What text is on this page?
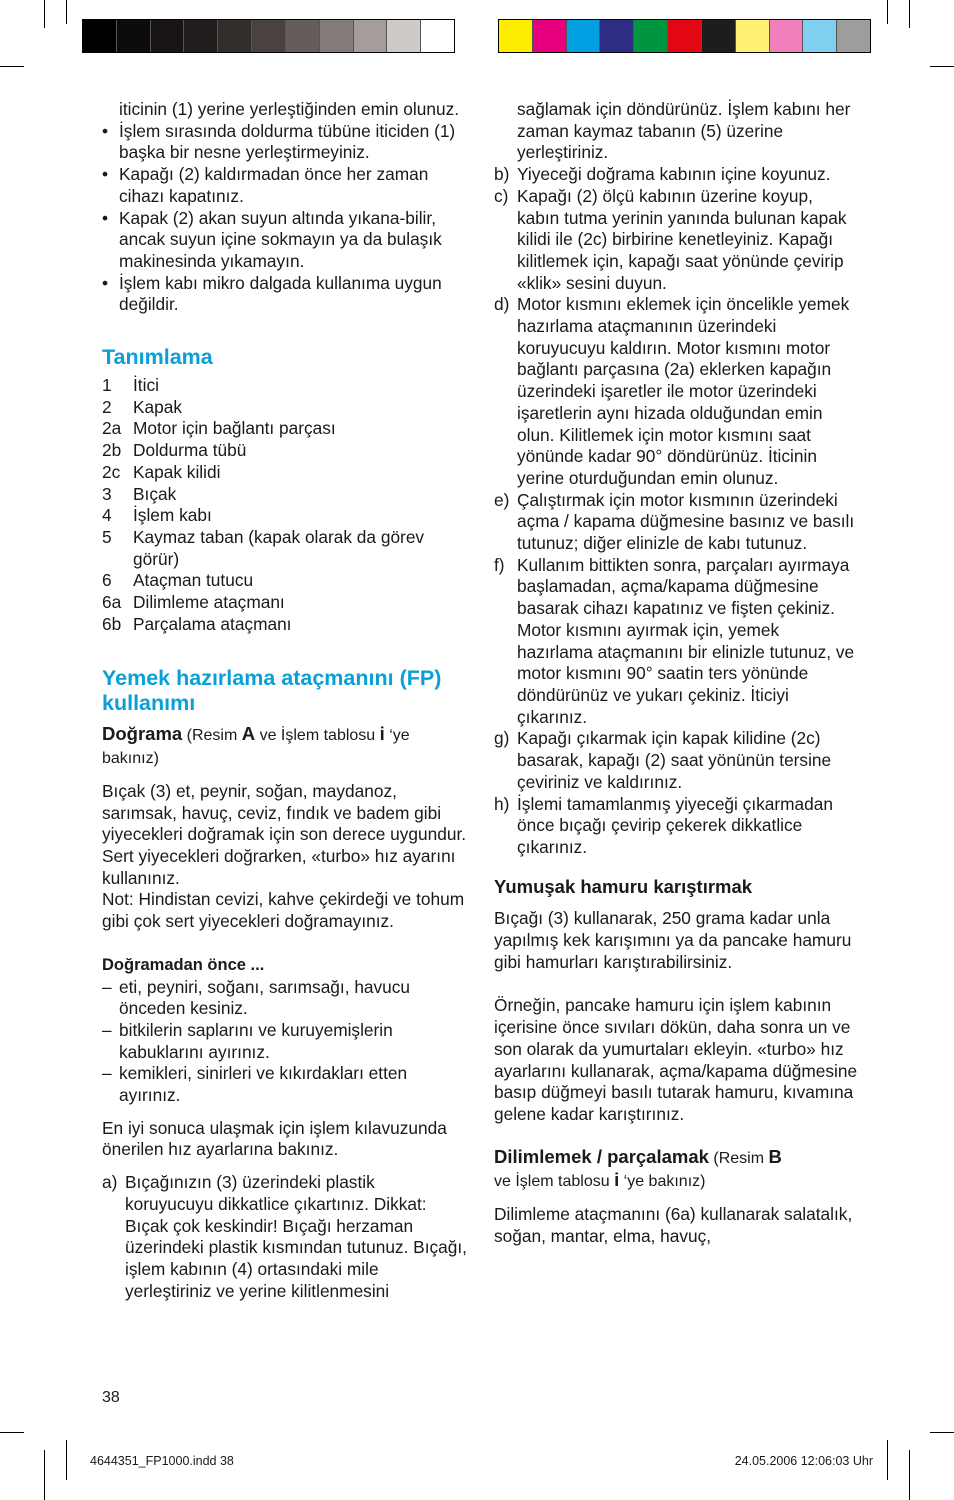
iticinin (1) yerine yerleştiğinden emin olunuz.

• İşlem sırasında doldurma tübüne iticiden (1) başka bir nesne yerleştirmeyiniz.
• Kapağı (2) kaldırmadan önce her zaman cihazı kapatınız.
• Kapak (2) akan suyun altında yıkana-bilir, ancak suyun içine sokmayın ya da bulaşık makinesinda yıkamayın.
• İşlem kabı mikro dalgada kullanıma uygun değildir.

Tanımlama

1 İtici
2 Kapak
2a Motor için bağlantı parçası
2b Doldurma tübü
2c Kapak kilidi
3 Bıçak
4 İşlem kabı
5 Kaymaz taban (kapak olarak da görev görür)
6 Ataçman tutucu
6a Dilimleme ataçmanı
6b Parçalama ataçmanı

Yemek hazırlama ataçmanını (FP) kullanımı

Doğrama (Resim A ve İşlem tablosu i ‘ye bakınız)

Bıçak (3) et, peynir, soğan, maydanoz, sarımsak, havuç, ceviz, fındık ve badem gibi yiyecekleri doğramak için son derece uygundur. Sert yiyecekleri doğrarken, «turbo» hız ayarını kullanınız.

Not: Hindistan cevizi, kahve çekirdeği ve tohum gibi çok sert yiyecekleri doğramayınız.

Doğramadan önce ...

– eti, peyniri, soğanı, sarımsağı, havucu önceden kesiniz.
– bitkilerin saplarını ve kuruyemişlerin kabuklarını ayırınız.
– kemikleri, sinirleri ve kıkırdakları etten ayırınız.

En iyi sonuca ulaşmak için işlem kılavuzunda önerilen hız ayarlarına bakınız.

a) Bıçağınızın (3) üzerindeki plastik koruyucuyu dikkatlice çıkartınız. Dikkat: Bıçak çok keskindir! Bıçağı herzaman üzerindeki plastik kısmından tutunuz. Bıçağı, işlem kabının (4) ortasındaki mile yerleştiriniz ve yerine kilitlenmesini

sağlamak için döndürünüz. İşlem kabını her zaman kaymaz tabanın (5) üzerine yerleştiriniz.

b) Yiyeceği doğrama kabının içine koyunuz.
c) Kapağı (2) ölçü kabının üzerine koyup, kabın tutma yerinin yanında bulunan kapak kilidi ile (2c) birbirine kenetleyiniz. Kapağı kilitlemek için, kapağı saat yönünde çevirip «klik» sesini duyun.
d) Motor kısmını eklemek için öncelikle yemek hazırlama ataçmanının üzerindeki koruyucuyu kaldırın. Motor kısmını motor bağlantı parçasına (2a) eklerken kapağın üzerindeki işaretler ile motor üzerindeki işaretlerin aynı hizada olduğundan emin olun. Kilitlemek için motor kısmını saat yönünde kadar 90° döndürünüz. İticinin yerine oturduğundan emin olunuz.
e) Çalıştırmak için motor kısmının üzerindeki açma / kapama düğmesine basınız ve basılı tutunuz; diğer elinizle de kabı tutunuz.
f) Kullanım bittikten sonra, parçaları ayırmaya başlamadan, açma/kapama düğmesine basarak cihazı kapatınız ve fişten çekiniz. Motor kısmını ayırmak için, yemek hazırlama ataçmanını bir elinizle tutunuz, ve motor kısmını 90° saatin ters yönünde döndürünüz ve yukarı çekiniz. İticiyi çıkarınız.
g) Kapağı çıkarmak için kapak kilidine (2c) basarak, kapağı (2) saat yönünün tersine çeviriniz ve kaldırınız.
h) İşlemi tamamlanmış yiyeceği çıkarmadan önce bıçağı çevirip çekerek dikkatlice çıkarınız.

Yumuşak hamuru karıştırmak

Bıçağı (3) kullanarak, 250 grama kadar unla yapılmış kek karışımını ya da pancake hamuru gibi hamurları karıştırabilirsiniz.

Örneğin, pancake hamuru için işlem kabının içerisine önce sıvıları dökün, daha sonra un ve son olarak da yumurtaları ekleyin. «turbo» hız ayarlarını kullanarak, açma/kapama düğmesine basıp düğmeyi basılı tutarak hamuru, kıvamına gelene kadar karıştırınız.

Dilimlemek / parçalamak (Resim B
ve İşlem tablosu i ‘ye bakınız)

Dilimleme ataçmanını (6a) kullanarak salatalık, soğan, mantar, elma, havuç,

38
4644351_FP1000.indd 38	24.05.2006 12:06:03 Uhr
